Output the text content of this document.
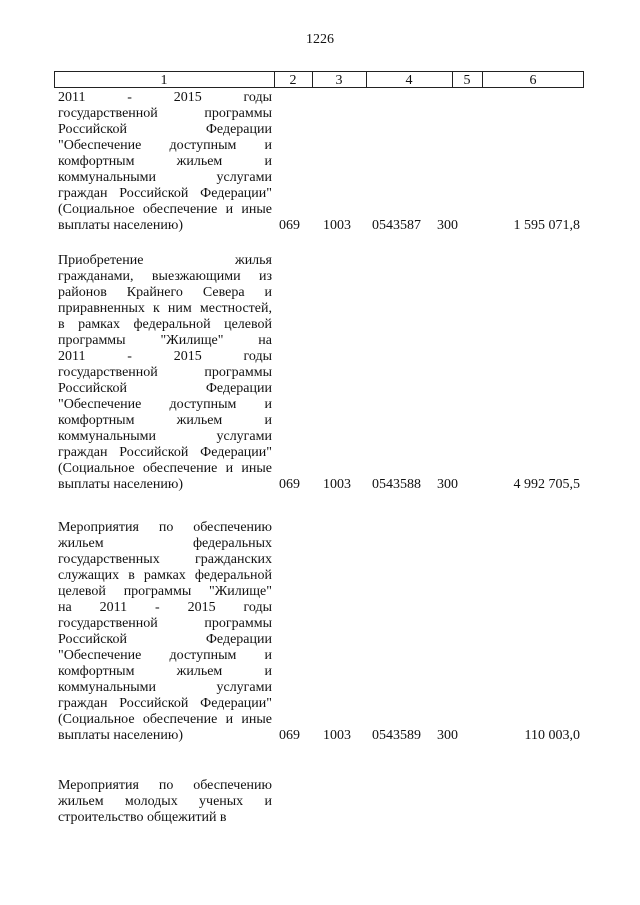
1226
1	2	3	4	5	6
2011 - 2015 годы
государственной программы
Российской Федерации
"Обеспечение доступным и
комфортным жильем и
коммунальными услугами
граждан Российской Федерации"
(Социальное обеспечение и иные
выплаты населению)	069 1003 0543587 300	1 595 071,8
Приобретение жилья
гражданами, выезжающими из
районов Крайнего Севера и
приравненных к ним местностей,
в рамках федеральной целевой
программы "Жилище" на
2011 - 2015 годы
государственной программы
Российской Федерации
"Обеспечение доступным и
комфортным жильем и
коммунальными услугами
граждан Российской Федерации"
(Социальное обеспечение и иные
выплаты населению)	069 1003 0543588 300	4 992 705,5
Мероприятия по обеспечению
жильем федеральных
государственных гражданских
служащих в рамках федеральной
целевой программы "Жилище"
на 2011 - 2015 годы
государственной программы
Российской Федерации
"Обеспечение доступным и
комфортным жильем и
коммунальными услугами
граждан Российской Федерации"
(Социальное обеспечение и иные
выплаты населению)	069 1003 0543589 300	110 003,0
Мероприятия по обеспечению
жильем молодых ученых и
строительство общежитий в
